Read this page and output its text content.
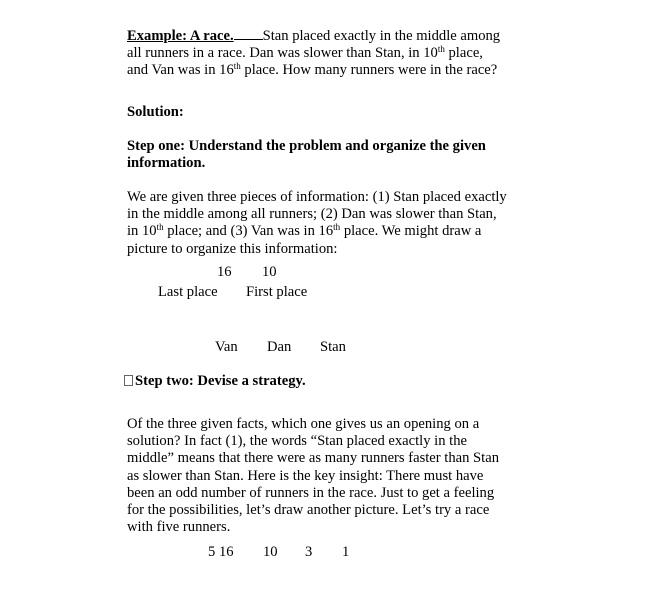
Example: A race. Stan placed exactly in the middle among all runners in a race. Dan was slower than Stan, in 10th place, and Van was in 16th place. How many runners were in the race?
Solution:
Step one: Understand the problem and organize the given information.
We are given three pieces of information: (1) Stan placed exactly in the middle among all runners; (2) Dan was slower than Stan, in 10th place; and (3) Van was in 16th place. We might draw a picture to organize this information:
16 10
Last place First place
Van Dan Stan
Step two: Devise a strategy.
Of the three given facts, which one gives us an opening on a solution? In fact (1), the words “Stan placed exactly in the middle” means that there were as many runners faster than Stan as slower than Stan. Here is the key insight: There must have been an odd number of runners in the race. Just to get a feeling for the possibilities, let’s draw another picture. Let’s try a race with five runners.
5 16 10 3 1
